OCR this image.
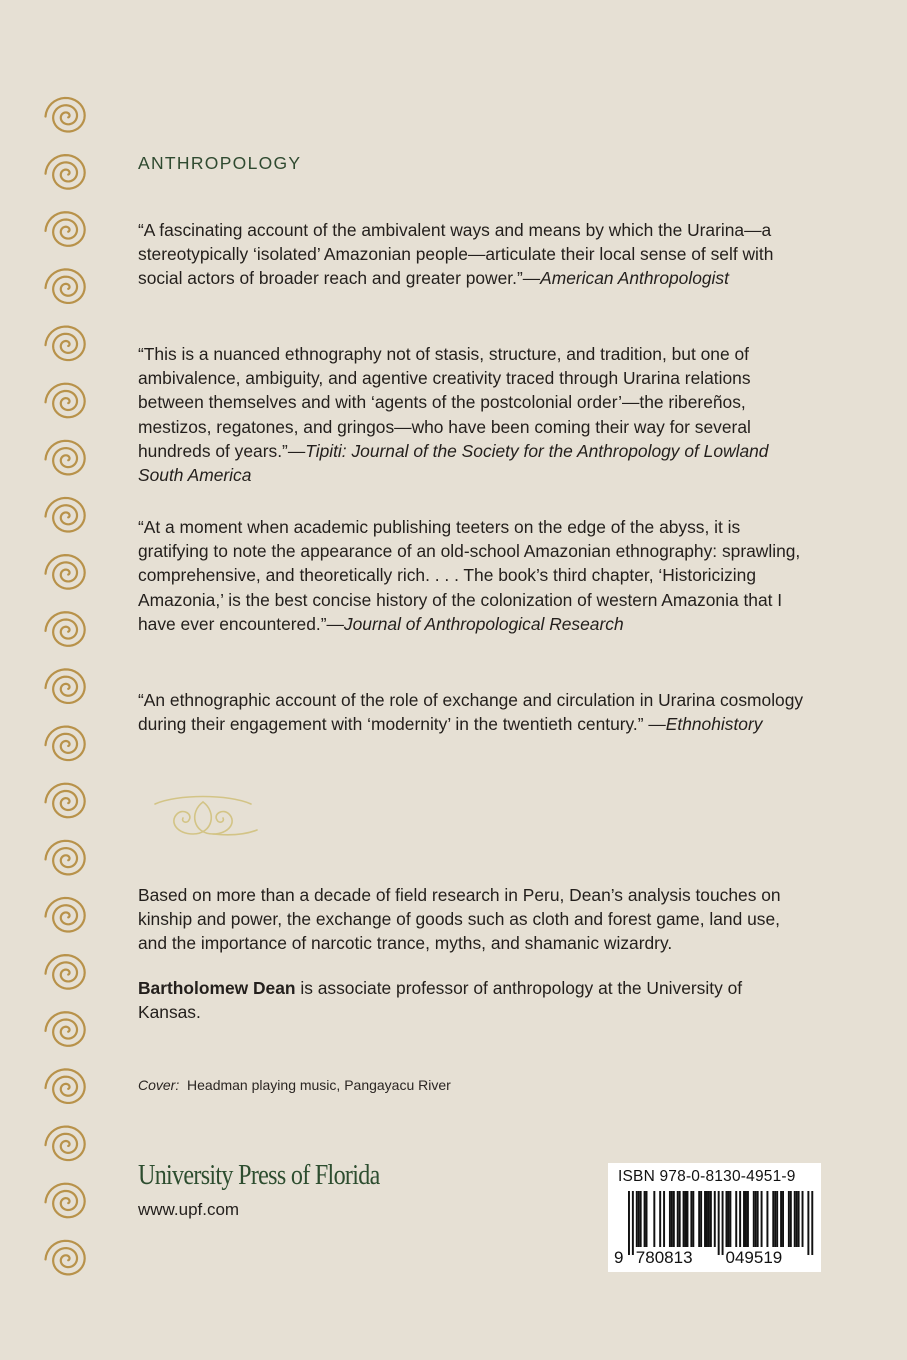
ANTHROPOLOGY

“A fascinating account of the ambivalent ways and means by which the Urarina—a stereotypically ‘isolated’ Amazonian people—articulate their local sense of self with social actors of broader reach and greater power.”—American Anthropologist

“This is a nuanced ethnography not of stasis, structure, and tradition, but one of ambivalence, ambiguity, and agentive creativity traced through Urarina relations between themselves and with ‘agents of the postcolonial order’—the ribereños, mestizos, regatones, and gringos—who have been coming their way for several hundreds of years.”—Tipiti: Journal of the Society for the Anthropology of Lowland South America

“At a moment when academic publishing teeters on the edge of the abyss, it is gratifying to note the appearance of an old-school Amazonian ethnography: sprawling, comprehensive, and theoretically rich. . . . The book’s third chapter, ‘Historicizing Amazonia,’ is the best concise history of the colonization of western Amazonia that I have ever encountered.”—Journal of Anthropological Research

“An ethnographic account of the role of exchange and circulation in Urarina cosmology during their engagement with ‘modernity’ in the twentieth century.” —Ethnohistory

Based on more than a decade of field research in Peru, Dean’s analysis touches on kinship and power, the exchange of goods such as cloth and forest game, land use, and the importance of narcotic trance, myths, and shamanic wizardry.

Bartholomew Dean is associate professor of anthropology at the University of Kansas.

Cover: Headman playing music, Pangayacu River
University Press of Florida
www.upf.com
9 780813 049519
ISBN 978-0-8130-4951-9
